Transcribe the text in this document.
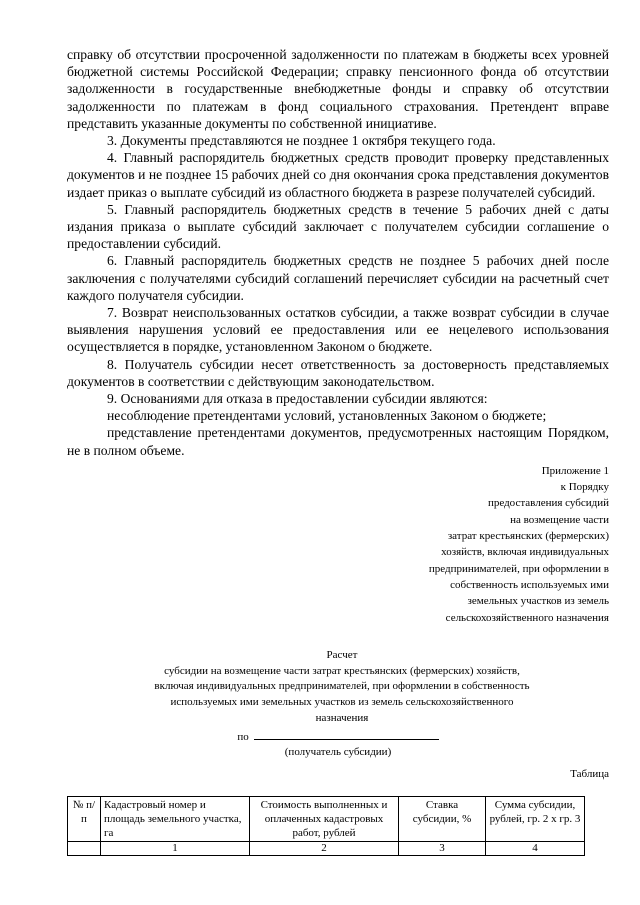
справку об отсутствии просроченной задолженности по платежам в бюджеты всех уровней бюджетной системы Российской Федерации; справку пенсионного фонда об отсутствии задолженности в государственные внебюджетные фонды и справку об отсутствии задолженности по платежам в фонд социального страхования. Претендент вправе представить указанные документы по собственной инициативе.

3. Документы представляются не позднее 1 октября текущего года.

4. Главный распорядитель бюджетных средств проводит проверку представленных документов и не позднее 15 рабочих дней со дня окончания срока представления документов издает приказ о выплате субсидий из областного бюджета в разрезе получателей субсидий.

5. Главный распорядитель бюджетных средств в течение 5 рабочих дней с даты издания приказа о выплате субсидий заключает с получателем субсидии соглашение о предоставлении субсидий.

6. Главный распорядитель бюджетных средств не позднее 5 рабочих дней после заключения с получателями субсидий соглашений перечисляет субсидии на расчетный счет каждого получателя субсидии.

7. Возврат неиспользованных остатков субсидии, а также возврат субсидии в случае выявления нарушения условий ее предоставления или ее нецелевого использования осуществляется в порядке, установленном Законом о бюджете.

8. Получатель субсидии несет ответственность за достоверность представляемых документов в соответствии с действующим законодательством.

9. Основаниями для отказа в предоставлении субсидии являются:

несоблюдение претендентами условий, установленных Законом о бюджете;

представление претендентами документов, предусмотренных настоящим Порядком, не в полном объеме.

Приложение 1
к Порядку
предоставления субсидий
на возмещение части
затрат крестьянских (фермерских)
хозяйств, включая индивидуальных
предпринимателей, при оформлении в
собственность используемых ими
земельных участков из земель
сельскохозяйственного назначения
Расчет
субсидии на возмещение части затрат крестьянских (фермерских) хозяйств,
включая индивидуальных предпринимателей, при оформлении в собственность
используемых ими земельных участков из земель сельскохозяйственного
назначения
по
(получатель субсидии)
Таблица
№ п/п	Кадастровый номер и площадь земельного участка, га	Стоимость выполненных и оплаченных кадастровых работ, рублей	Ставка субсидии, %	Сумма субсидии, рублей, гр. 2 x гр. 3
	1	2	3	4
